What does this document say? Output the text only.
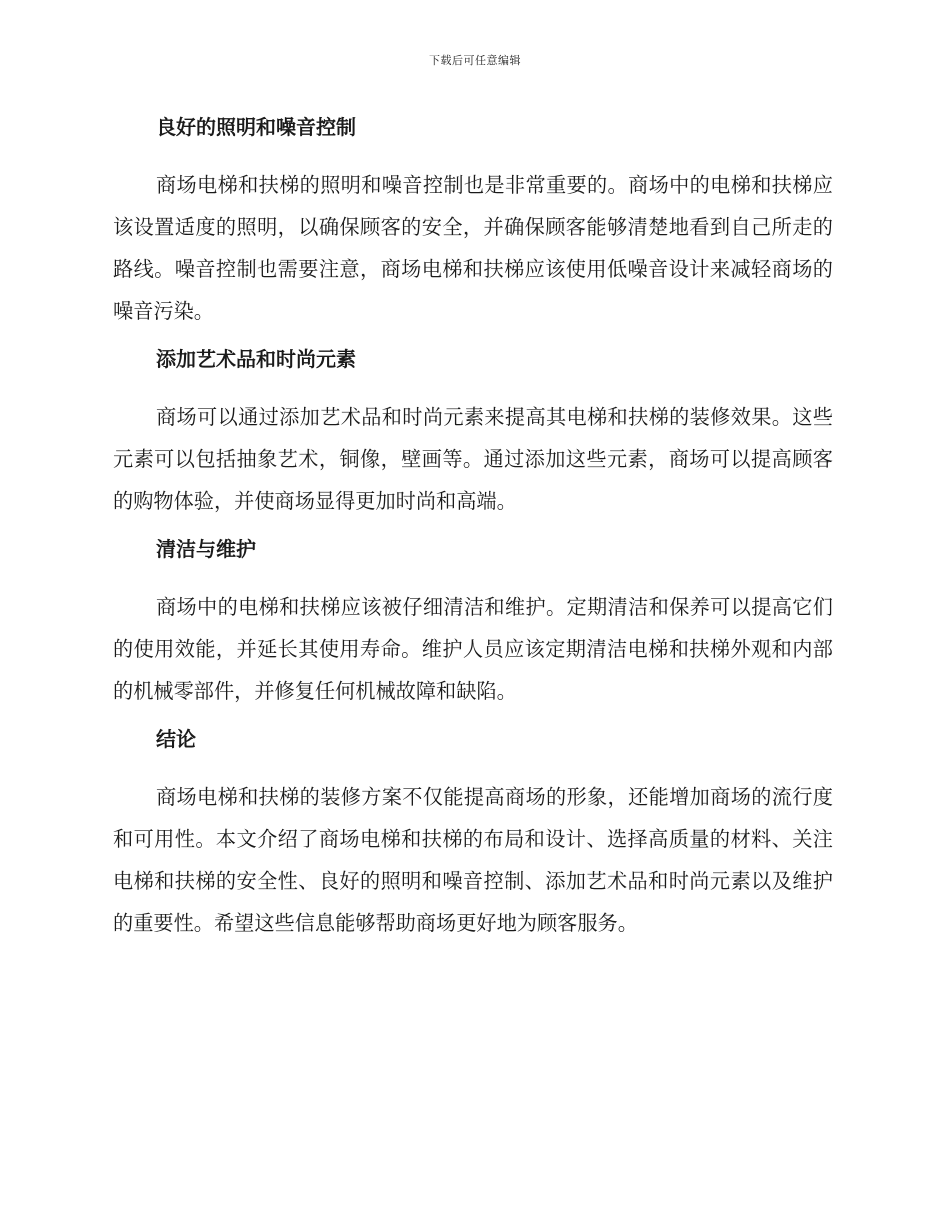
下载后可任意编辑
良好的照明和噪音控制

商场电梯和扶梯的照明和噪音控制也是非常重要的。商场中的电梯和扶梯应该设置适度的照明，以确保顾客的安全，并确保顾客能够清楚地看到自己所走的路线。噪音控制也需要注意，商场电梯和扶梯应该使用低噪音设计来减轻商场的噪音污染。

添加艺术品和时尚元素

商场可以通过添加艺术品和时尚元素来提高其电梯和扶梯的装修效果。这些元素可以包括抽象艺术，铜像，壁画等。通过添加这些元素，商场可以提高顾客的购物体验，并使商场显得更加时尚和高端。

清洁与维护

商场中的电梯和扶梯应该被仔细清洁和维护。定期清洁和保养可以提高它们的使用效能，并延长其使用寿命。维护人员应该定期清洁电梯和扶梯外观和内部的机械零部件，并修复任何机械故障和缺陷。

结论

商场电梯和扶梯的装修方案不仅能提高商场的形象，还能增加商场的流行度和可用性。本文介绍了商场电梯和扶梯的布局和设计、选择高质量的材料、关注电梯和扶梯的安全性、良好的照明和噪音控制、添加艺术品和时尚元素以及维护的重要性。希望这些信息能够帮助商场更好地为顾客服务。
